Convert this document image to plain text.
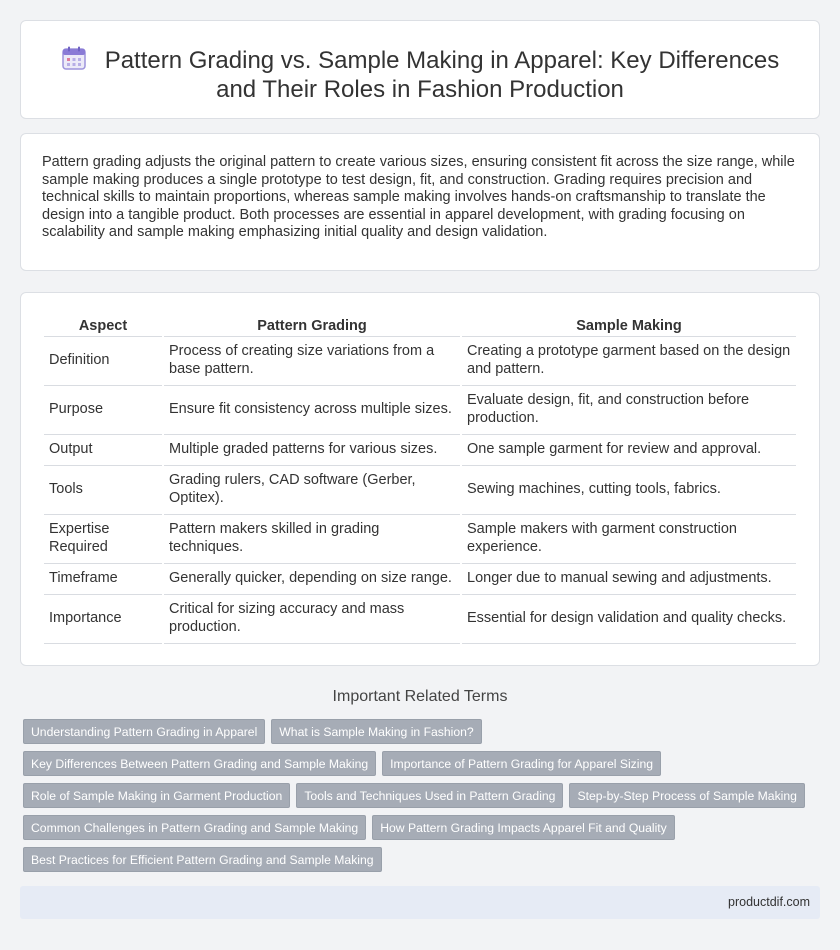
Pattern Grading vs. Sample Making in Apparel: Key Differences
and Their Roles in Fashion Production

Pattern grading adjusts the original pattern to create various sizes, ensuring consistent fit across the size range, while sample making produces a single prototype to test design, fit, and construction. Grading requires precision and technical skills to maintain proportions, whereas sample making involves hands-on craftsmanship to translate the design into a tangible product. Both processes are essential in apparel development, with grading focusing on scalability and sample making emphasizing initial quality and design validation.

Aspect	Pattern Grading	Sample Making
Definition	Process of creating size variations from a base pattern.	Creating a prototype garment based on the design and pattern.
Purpose	Ensure fit consistency across multiple sizes.	Evaluate design, fit, and construction before production.
Output	Multiple graded patterns for various sizes.	One sample garment for review and approval.
Tools	Grading rulers, CAD software (Gerber, Optitex).	Sewing machines, cutting tools, fabrics.
Expertise Required	Pattern makers skilled in grading techniques.	Sample makers with garment construction experience.
Timeframe	Generally quicker, depending on size range.	Longer due to manual sewing and adjustments.
Importance	Critical for sizing accuracy and mass production.	Essential for design validation and quality checks.
Important Related Terms
Understanding Pattern Grading in Apparel What is Sample Making in Fashion?
Key Differences Between Pattern Grading and Sample Making Importance of Pattern Grading for Apparel Sizing
Role of Sample Making in Garment Production Tools and Techniques Used in Pattern Grading Step-by-Step Process of Sample Making
Common Challenges in Pattern Grading and Sample Making How Pattern Grading Impacts Apparel Fit and Quality
Best Practices for Efficient Pattern Grading and Sample Making
productdif.com
